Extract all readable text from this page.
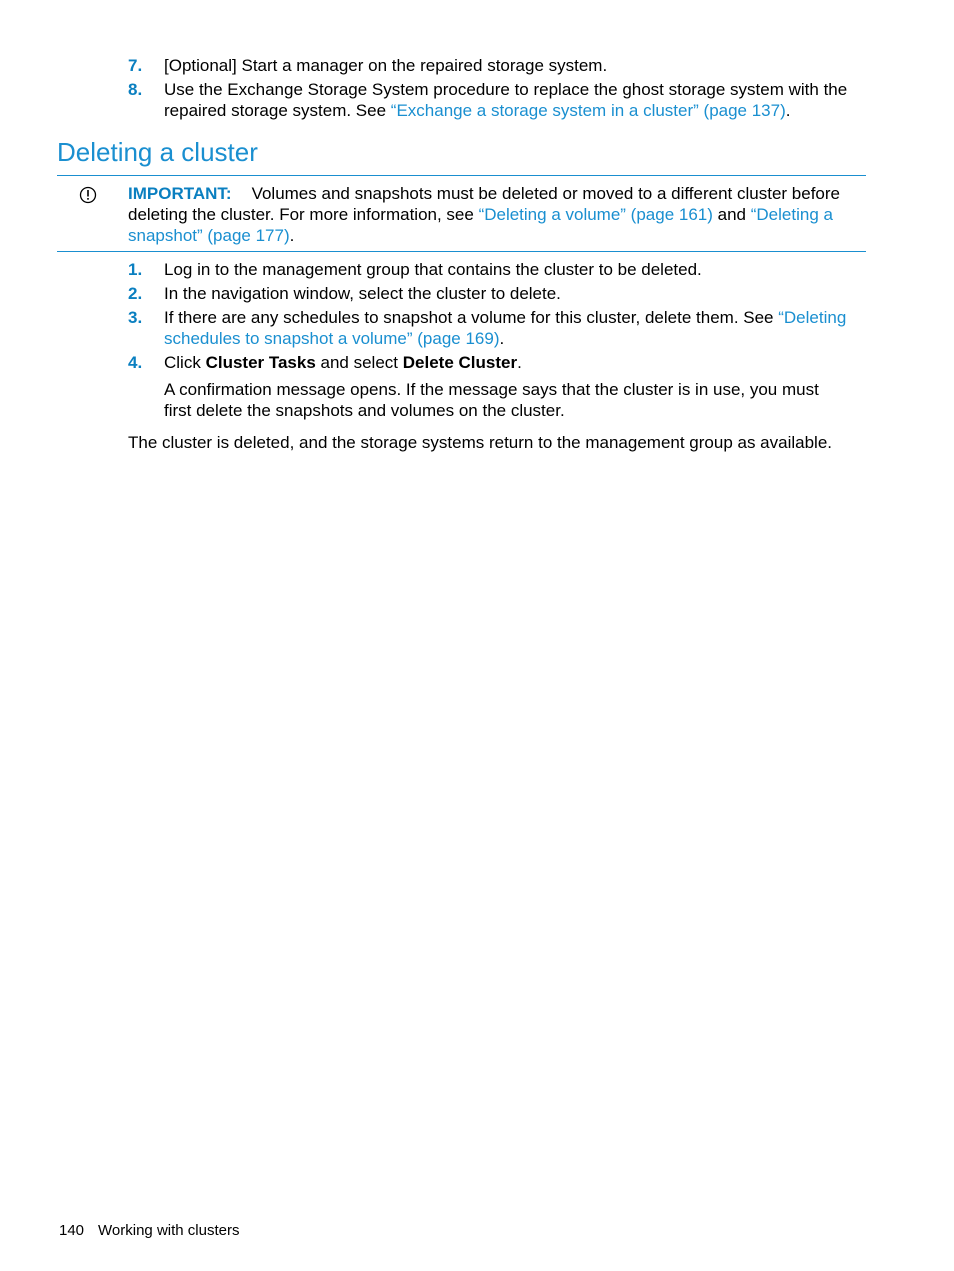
7.	[Optional] Start a manager on the repaired storage system.
8.	Use the Exchange Storage System procedure to replace the ghost storage system with the repaired storage system. See “Exchange a storage system in a cluster” (page 137).
Deleting a cluster
IMPORTANT: Volumes and snapshots must be deleted or moved to a different cluster before deleting the cluster. For more information, see “Deleting a volume” (page 161) and “Deleting a snapshot” (page 177).
1.	Log in to the management group that contains the cluster to be deleted.
2.	In the navigation window, select the cluster to delete.
3.	If there are any schedules to snapshot a volume for this cluster, delete them. See “Deleting schedules to snapshot a volume” (page 169).
4.	Click Cluster Tasks and select Delete Cluster.
A confirmation message opens. If the message says that the cluster is in use, you must first delete the snapshots and volumes on the cluster.
The cluster is deleted, and the storage systems return to the management group as available.
140 Working with clusters
